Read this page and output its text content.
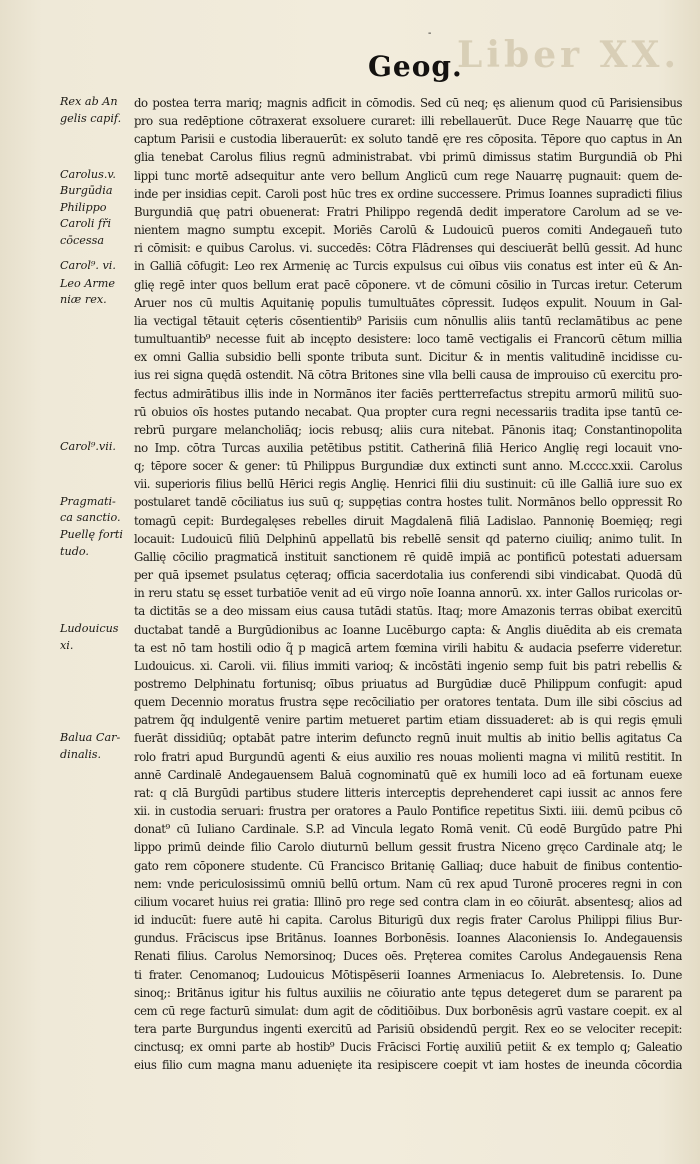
-
Liber XX.
Geog.
Rex ab An
gelis capif.
Carolus.v.
Burgūdia
Philippo
Caroli fři
cōcessa
Carol⁹. vi.
Leo Arme
niæ rex.
Carol⁹.vii.
Pragmati-
ca sanctio.
Puellę forti
tudo.
Ludouicus
xi.
Balua Car-
dinalis.
do postea terra mariq; magnis adficit in cōmodis. Sed cū neq; ęs alienum quod cū Parisiensibus
pro sua redēptione cōtraxerat exsoluere curaret: illi rebellauerūt. Duce Rege Nauarrę que tūc
captum Parisii e custodia liberauerūt: ex soluto tandē ęre res cōposita. Tēpore quo captus in An
glia tenebat Carolus filius regnū administrabat. vbi primū dimissus statim Burgundiā ob Phi
lippi tunc mortē adsequitur ante vero bellum Anglicū cum rege Nauarrę pugnauit: quem de-
inde per insidias cepit. Caroli post hūc tres ex ordine successere. Primus Ioannes supradicti filius
Burgundiā quę patri obuenerat: Fratri Philippo regendā dedit imperatore Carolum ad se ve-
nientem magno sumptu excepit. Moriēs Carolū & Ludouicū pueros comiti Andegaueñ tuto
ri cōmisit: e quibus Carolus. vi. succedēs: Cōtra Flādrenses qui desciuerāt bellū gessit. Ad hunc
in Galliā cōfugit: Leo rex Armenię ac Turcis expulsus cui oībus viis conatus est inter eū & An-
glię regē inter quos bellum erat pacē cōponere. vt de cōmuni cōsilio in Turcas iretur. Ceterum
Aruer nos cū multis Aquitanię populis tumultuātes cōpressit. Iudęos expulit. Nouum in Gal-
lia vectigal tētauit cęteris cōsentientib⁹ Parisiis cum nōnullis aliis tantū reclamātibus ac pene
tumultuantib⁹ necesse fuit ab incępto desistere: loco tamē vectigalis ei Francorū cētum millia
ex omni Gallia subsidio belli sponte tributa sunt. Dicitur & in mentis valitudinē incidisse cu-
ius rei signa quędā ostendit. Nā cōtra Britones sine vlla belli causa de improuiso cū exercitu pro-
fectus admirātibus illis inde in Normānos iter faciēs pertterrefactus strepitu armorū militū suo-
rū obuios oīs hostes putando necabat. Qua propter cura regni necessariis tradita ipse tantū ce-
rebrū purgare melancholiāq; iocis rebusq; aliis cura nitebat. Pānonis itaq; Constantinopolita
no Imp. cōtra Turcas auxilia petētibus pstitit. Catherinā filiā Herico Anglię regi locauit vno-
q; tēpore socer & gener: tū Philippus Burgundiæ dux extincti sunt anno. M.cccc.xxii. Carolus
vii. superioris filius bellū Hērici regis Anglię. Henrici filii diu sustinuit: cū ille Galliā iure suo ex
postularet tandē cōciliatus ius suū q; suppętias contra hostes tulit. Normānos bello oppressit Ro
tomagū cepit: Burdegalęses rebelles diruit Magdalenā filiā Ladislao. Pannonię Boemięq; regi
locauit: Ludouicū filiū Delphinū appellatū bis rebellē sensit qd paterno ciuiliq; animo tulit. In
Gallię cōcilio pragmatică instituit sanctionem rē quidē impiā ac pontificū potestati aduersam
per quā ipsemet psulatus cęteraq; officia sacerdotalia ius conferendi sibi vindicabat. Quodā dū
in reru statu sę esset turbatiōe venit ad eū virgo noīe Ioanna annorū. xx. inter Gallos ruricolas or-
ta dictitās se a deo missam eius causa tutādi statūs. Itaq; more Amazonis terras obibat exercitū
ductabat tandē a Burgūdionibus ac Ioanne Lucēburgo capta: & Anglis diuēdita ab eis cremata
ta est nō tam hostili odio q̃ p magicā artem fœmina virili habitu & audacia pseferre videretur.
Ludouicus. xi. Caroli. vii. filius immiti varioq; & incōstāti ingenio semp fuit bis patri rebellis &
postremo Delphinatu fortunisq; oībus priuatus ad Burgūdiæ ducē Philippum confugit: apud
quem Decennio moratus frustra sępe recōciliatio per oratores tentata. Dum ille sibi cōscius ad
patrem q̃q indulgentē venire partim metueret partim etiam dissuaderet: ab is qui regis ęmuli
fuerāt dissidiūq; optabāt patre interim defuncto regnū inuit multis ab initio bellis agitatus Ca
rolo fratri apud Burgundū agenti & eius auxilio res nouas molienti magna vi militū restitit. In
annē Cardinalē Andegauensem Baluā cognominatū quē ex humili loco ad eā fortunam euexe
rat: q clā Burgūdi partibus studere litteris interceptis deprehenderet capi iussit ac annos fere
xii. in custodia seruari: frustra per oratores a Paulo Pontifice repetitus Sixti. iiii. demū pcibus cō
donat⁹ cū Iuliano Cardinale. S.P. ad Vincula legato Romā venit. Cū eodē Burgūdo patre Phi
lippo primū deinde filio Carolo diuturnū bellum gessit frustra Niceno gręco Cardinale atq; le
gato rem cōponere studente. Cū Francisco Britanię Galliaq; duce habuit de finibus contentio-
nem: vnde periculosissimū omniū bellū ortum. Nam cū rex apud Turonē proceres regni in con
cilium vocaret huius rei gratia: Illinō pro rege sed contra clam in eo cōiurāt. absentesq; alios ad
id inducūt: fuere autē hi capita. Carolus Biturigū dux regis frater Carolus Philippi filius Bur-
gundus. Frāciscus ipse Britānus. Ioannes Borbonēsis. Ioannes Alaconiensis Io. Andegauensis
Renati filius. Carolus Nemorsinoq; Duces oēs. Pręterea comites Carolus Andegauensis Rena
ti frater. Cenomanoq; Ludouicus Mōtispēserii Ioannes Armeniacus Io. Alebretensis. Io. Dune
sinoq;: Britānus igitur his fultus auxiliis ne cōiuratio ante tępus detegeret dum se pararent pa
cem cū rege facturū simulat: dum agit de cōditiōibus. Dux borbonēsis agrū vastare coepit. ex al
tera parte Burgundus ingenti exercitū ad Parisiū obsidendū pergit. Rex eo se velociter recepit:
cinctusq; ex omni parte ab hostib⁹ Ducis Frācisci Fortię auxiliū petiit & ex templo q; Galeatio
eius filio cum magna manu aduenięte ita resipiscere coepit vt iam hostes de ineunda cōcordia
